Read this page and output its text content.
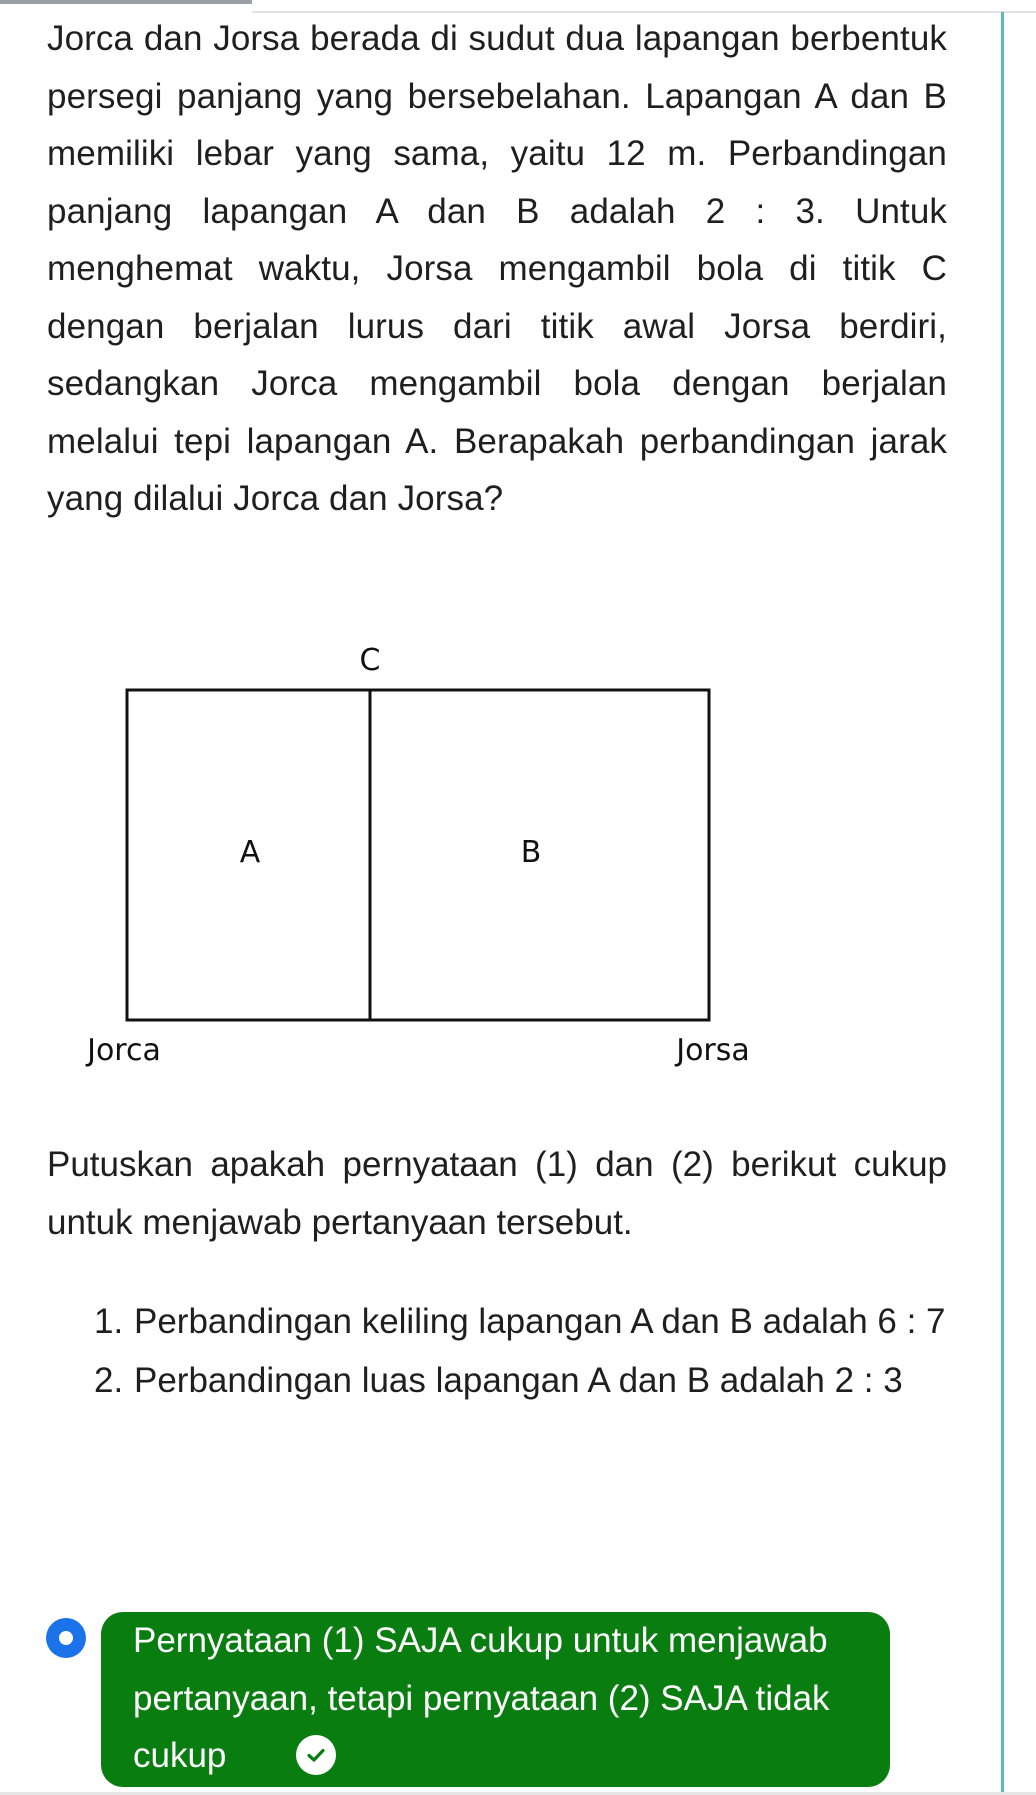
Jorca dan Jorsa berada di sudut dua lapangan berbentuk persegi panjang yang bersebelahan. Lapangan A dan B memiliki lebar yang sama, yaitu 12 m. Perbandingan panjang lapangan A dan B adalah 2 : 3. Untuk menghemat waktu, Jorsa mengambil bola di titik C dengan berjalan lurus dari titik awal Jorsa berdiri, sedangkan Jorca mengambil bola dengan berjalan melalui tepi lapangan A. Berapakah perbandingan jarak yang dilalui Jorca dan Jorsa?

C
A	B
Jorca	Jorsa

Putuskan apakah pernyataan (1) dan (2) berikut cukup untuk menjawab pertanyaan tersebut.

1. Perbandingan keliling lapangan A dan B adalah 6 : 7
2. Perbandingan luas lapangan A dan B adalah 2 : 3

Pernyataan (1) SAJA cukup untuk menjawab pertanyaan, tetapi pernyataan (2) SAJA tidak cukup
